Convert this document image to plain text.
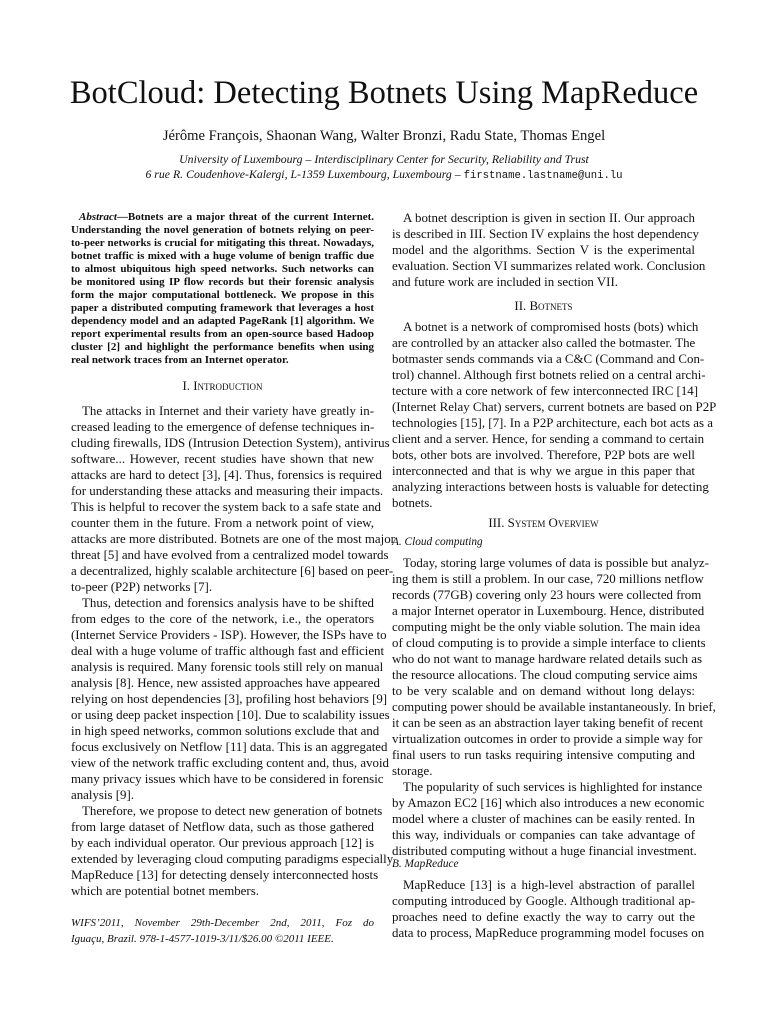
BotCloud: Detecting Botnets Using MapReduce

Jérôme François, Shaonan Wang, Walter Bronzi, Radu State, Thomas Engel

University of Luxembourg – Interdisciplinary Center for Security, Reliability and Trust

6 rue R. Coudenhove-Kalergi, L-1359 Luxembourg, Luxembourg – firstname.lastname@uni.lu

Abstract—Botnets are a major threat of the current Internet.
Understanding the novel generation of botnets relying on peer-
to-peer networks is crucial for mitigating this threat. Nowadays,
botnet traffic is mixed with a huge volume of benign traffic due
to almost ubiquitous high speed networks. Such networks can
be monitored using IP flow records but their forensic analysis
form the major computational bottleneck. We propose in this
paper a distributed computing framework that leverages a host
dependency model and an adapted PageRank [1] algorithm. We
report experimental results from an open-source based Hadoop
cluster [2] and highlight the performance benefits when using
real network traces from an Internet operator.
I. Introduction
The attacks in Internet and their variety have greatly in-
creased leading to the emergence of defense techniques in-
cluding firewalls, IDS (Intrusion Detection System), antivirus
software... However, recent studies have shown that new
attacks are hard to detect [3], [4]. Thus, forensics is required
for understanding these attacks and measuring their impacts.
This is helpful to recover the system back to a safe state and
counter them in the future. From a network point of view,
attacks are more distributed. Botnets are one of the most major
threat [5] and have evolved from a centralized model towards
a decentralized, highly scalable architecture [6] based on peer-
to-peer (P2P) networks [7].
Thus, detection and forensics analysis have to be shifted
from edges to the core of the network, i.e., the operators
(Internet Service Providers - ISP). However, the ISPs have to
deal with a huge volume of traffic although fast and efficient
analysis is required. Many forensic tools still rely on manual
analysis [8]. Hence, new assisted approaches have appeared
relying on host dependencies [3], profiling host behaviors [9]
or using deep packet inspection [10]. Due to scalability issues
in high speed networks, common solutions exclude that and
focus exclusively on Netflow [11] data. This is an aggregated
view of the network traffic excluding content and, thus, avoid
many privacy issues which have to be considered in forensic
analysis [9].
Therefore, we propose to detect new generation of botnets
from large dataset of Netflow data, such as those gathered
by each individual operator. Our previous approach [12] is
extended by leveraging cloud computing paradigms especially
MapReduce [13] for detecting densely interconnected hosts
which are potential botnet members.
WIFS’2011, November 29th-December 2nd, 2011, Foz do
Iguaçu, Brazil. 978-1-4577-1019-3/11/$26.00 ©2011 IEEE.
A botnet description is given in section II. Our approach
is described in III. Section IV explains the host dependency
model and the algorithms. Section V is the experimental
evaluation. Section VI summarizes related work. Conclusion
and future work are included in section VII.
II. Botnets
A botnet is a network of compromised hosts (bots) which
are controlled by an attacker also called the botmaster. The
botmaster sends commands via a C&C (Command and Con-
trol) channel. Although first botnets relied on a central archi-
tecture with a core network of few interconnected IRC [14]
(Internet Relay Chat) servers, current botnets are based on P2P
technologies [15], [7]. In a P2P architecture, each bot acts as a
client and a server. Hence, for sending a command to certain
bots, other bots are involved. Therefore, P2P bots are well
interconnected and that is why we argue in this paper that
analyzing interactions between hosts is valuable for detecting
botnets.
III. System Overview
A. Cloud computing
Today, storing large volumes of data is possible but analyz-
ing them is still a problem. In our case, 720 millions netflow
records (77GB) covering only 23 hours were collected from
a major Internet operator in Luxembourg. Hence, distributed
computing might be the only viable solution. The main idea
of cloud computing is to provide a simple interface to clients
who do not want to manage hardware related details such as
the resource allocations. The cloud computing service aims
to be very scalable and on demand without long delays:
computing power should be available instantaneously. In brief,
it can be seen as an abstraction layer taking benefit of recent
virtualization outcomes in order to provide a simple way for
final users to run tasks requiring intensive computing and
storage.
The popularity of such services is highlighted for instance
by Amazon EC2 [16] which also introduces a new economic
model where a cluster of machines can be easily rented. In
this way, individuals or companies can take advantage of
distributed computing without a huge financial investment.
B. MapReduce
MapReduce [13] is a high-level abstraction of parallel
computing introduced by Google. Although traditional ap-
proaches need to define exactly the way to carry out the
data to process, MapReduce programming model focuses on
